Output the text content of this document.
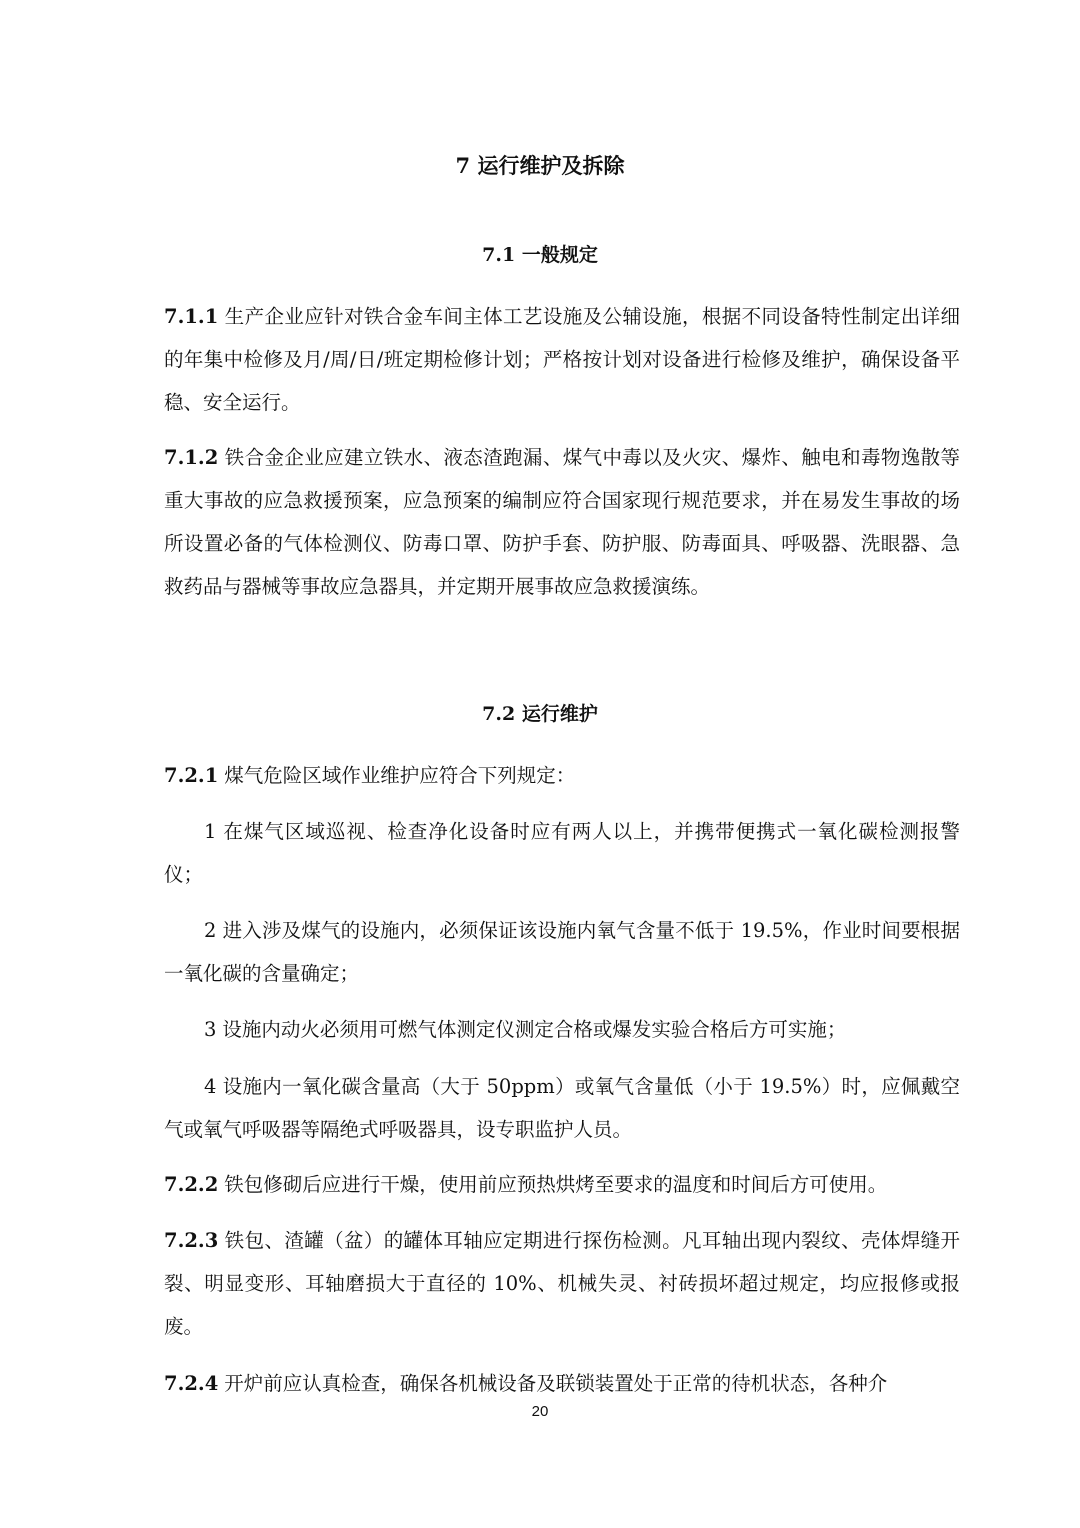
7 运行维护及拆除
7.1 一般规定

7.1.1 生产企业应针对铁合金车间主体工艺设施及公辅设施，根据不同设备特性制定出详细的年集中检修及月/周/日/班定期检修计划；严格按计划对设备进行检修及维护，确保设备平稳、安全运行。

7.1.2 铁合金企业应建立铁水、液态渣跑漏、煤气中毒以及火灾、爆炸、触电和毒物逸散等重大事故的应急救援预案，应急预案的编制应符合国家现行规范要求，并在易发生事故的场所设置必备的气体检测仪、防毒口罩、防护手套、防护服、防毒面具、呼吸器、洗眼器、急救药品与器械等事故应急器具，并定期开展事故应急救援演练。

7.2 运行维护

7.2.1 煤气危险区域作业维护应符合下列规定：

1 在煤气区域巡视、检查净化设备时应有两人以上，并携带便携式一氧化碳检测报警仪；

2 进入涉及煤气的设施内，必须保证该设施内氧气含量不低于 19.5%，作业时间要根据一氧化碳的含量确定；

3 设施内动火必须用可燃气体测定仪测定合格或爆发实验合格后方可实施；

4 设施内一氧化碳含量高（大于 50ppm）或氧气含量低（小于 19.5%）时，应佩戴空气或氧气呼吸器等隔绝式呼吸器具，设专职监护人员。

7.2.2 铁包修砌后应进行干燥，使用前应预热烘烤至要求的温度和时间后方可使用。

7.2.3 铁包、渣罐（盆）的罐体耳轴应定期进行探伤检测。凡耳轴出现内裂纹、壳体焊缝开裂、明显变形、耳轴磨损大于直径的 10%、机械失灵、衬砖损坏超过规定，均应报修或报废。

7.2.4 开炉前应认真检查，确保各机械设备及联锁装置处于正常的待机状态，各种介

20
